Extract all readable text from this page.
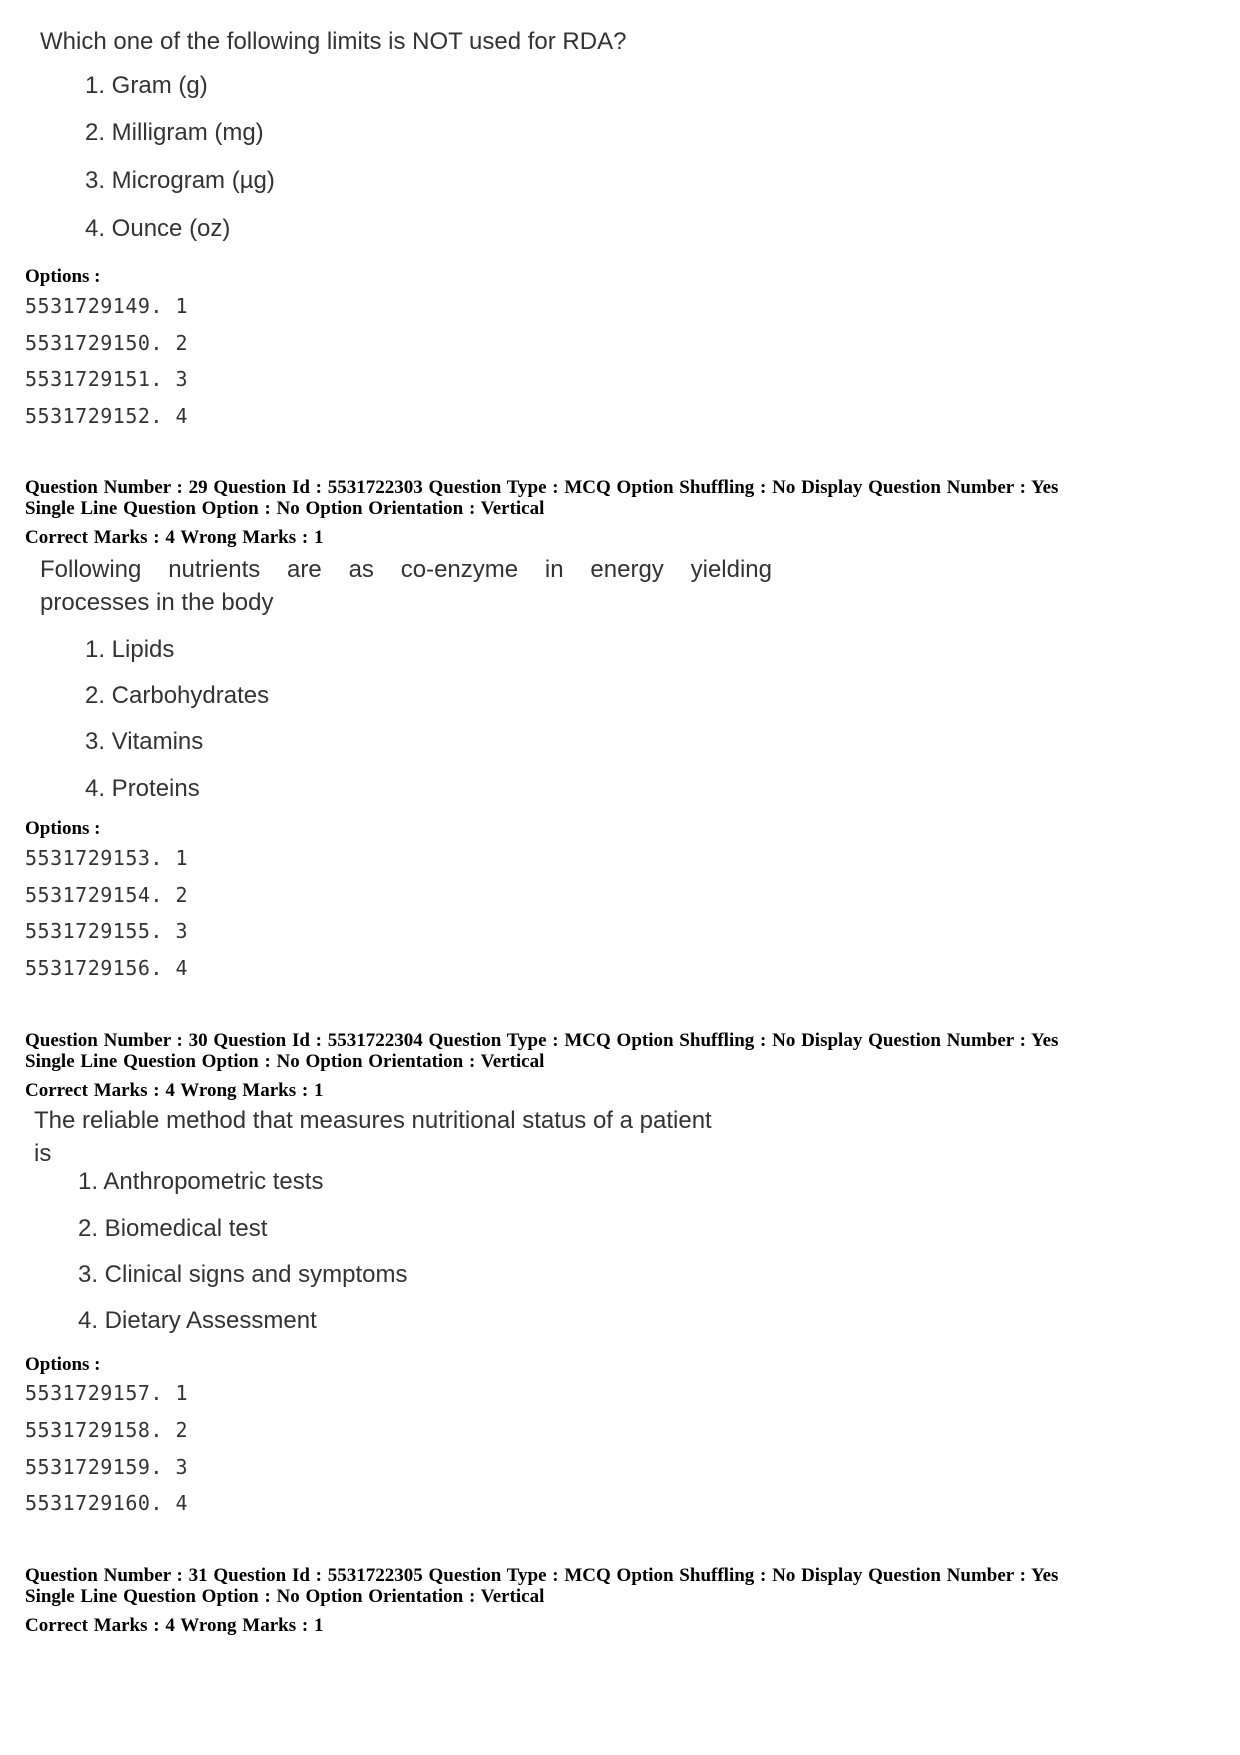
Which one of the following limits is NOT used for RDA?
1. Gram (g)
2. Milligram (mg)
3. Microgram (µg)
4. Ounce (oz)
Options :
5531729149. 1
5531729150. 2
5531729151. 3
5531729152. 4
Question Number : 29 Question Id : 5531722303 Question Type : MCQ Option Shuffling : No Display Question Number : Yes
Single Line Question Option : No Option Orientation : Vertical
Correct Marks : 4 Wrong Marks : 1
Following nutrients are as co-enzyme in energy yielding
processes in the body
1. Lipids
2. Carbohydrates
3. Vitamins
4. Proteins
Options :
5531729153. 1
5531729154. 2
5531729155. 3
5531729156. 4
Question Number : 30 Question Id : 5531722304 Question Type : MCQ Option Shuffling : No Display Question Number : Yes
Single Line Question Option : No Option Orientation : Vertical
Correct Marks : 4 Wrong Marks : 1
The reliable method that measures nutritional status of a patient
is
1. Anthropometric tests
2. Biomedical test
3. Clinical signs and symptoms
4. Dietary Assessment
Options :
5531729157. 1
5531729158. 2
5531729159. 3
5531729160. 4
Question Number : 31 Question Id : 5531722305 Question Type : MCQ Option Shuffling : No Display Question Number : Yes
Single Line Question Option : No Option Orientation : Vertical
Correct Marks : 4 Wrong Marks : 1
